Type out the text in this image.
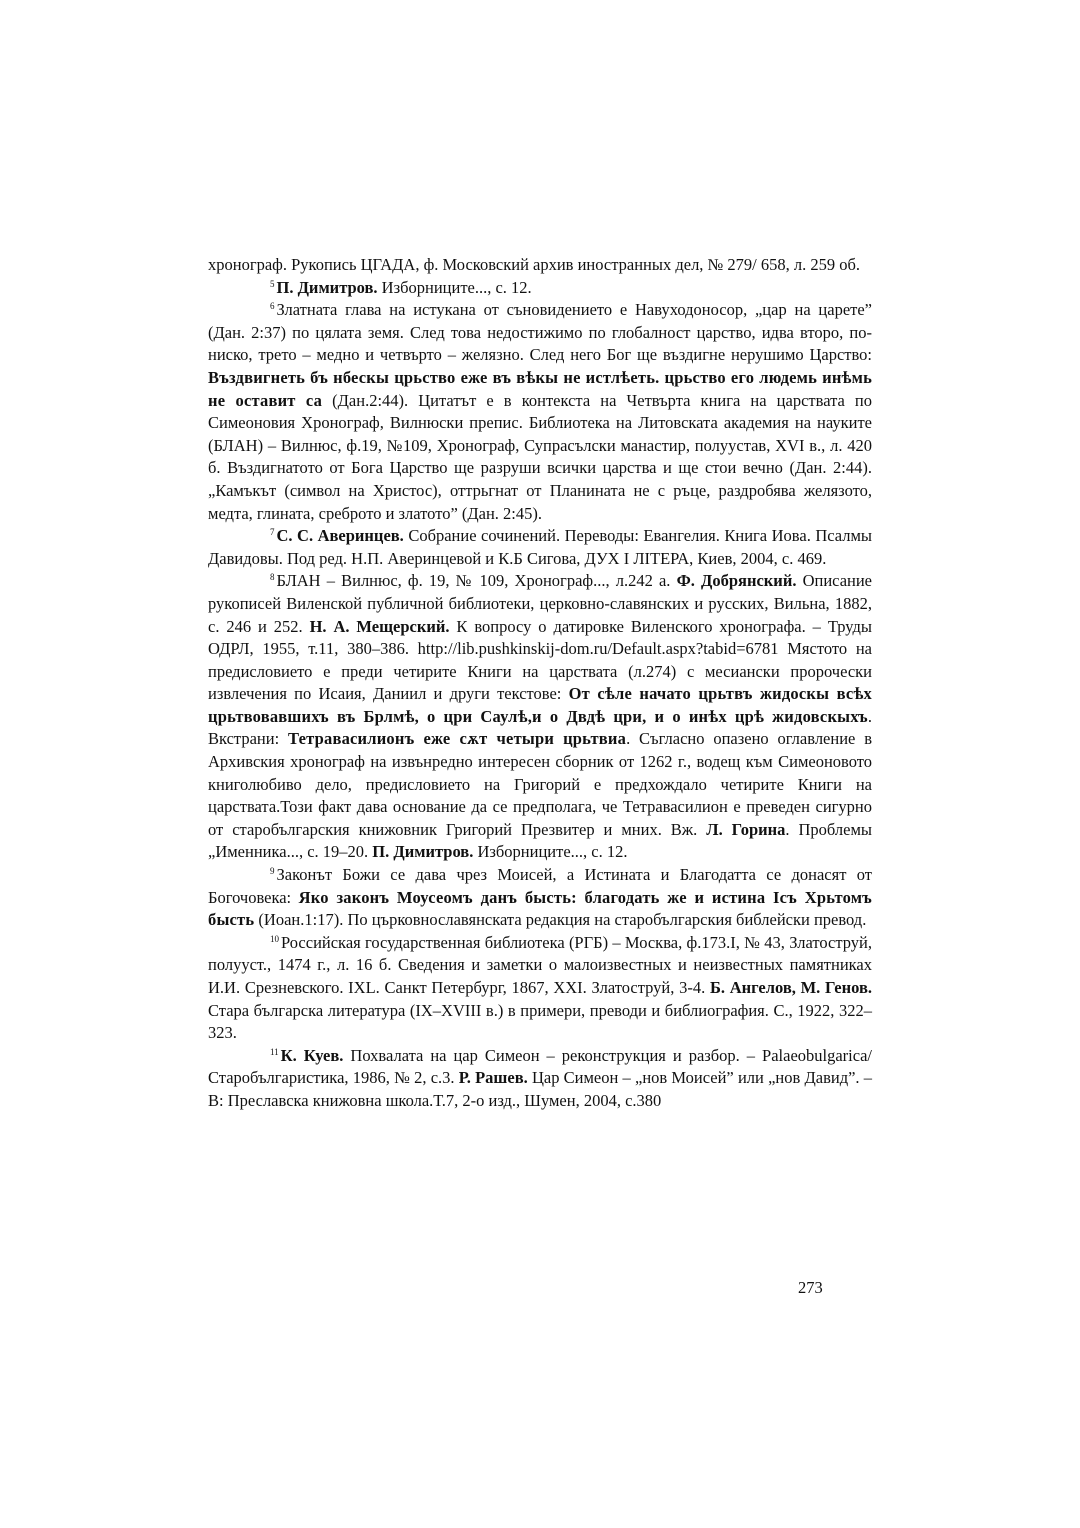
хронограф. Рукопись ЦГАДА, ф. Московский архив иностранных дел, № 279/ 658, л. 259 об.

$^5$ П. Димитров. Изборниците..., с. 12.

$^6$ Златната глава на истукана от съновидението е Навуходоносор, „цар на царете” (Дан. 2:37) по цялата земя. След това недостижимо по глобалност царство, идва второ, по-ниско, трето – медно и четвърто – желязно. След него Бог ще въздигне нерушимо Царство: Въздвигнеть бъ нбескы црьство еже въ вѣкы не истлѣеть. црьство его людемь инѣмь не оставит са (Дан.2:44). Цитатът е в контекста на Четвърта книга на царствата по Симеоновия Хронограф, Вилнюски препис. Библиотека на Литовската академия на науките (БЛАН) – Вилнюс, ф.19, №109, Хронограф, Супрасълски манастир, полуустав, XVI в., л. 420 б. Въздигнатото от Бога Царство ще разруши всички царства и ще стои вечно (Дан. 2:44). „Камъкът (символ на Христос), оттрьгнат от Планината не с ръце, раздробява желязото, медта, глината, среброто и златото” (Дан. 2:45).

$^7$ С. С. Аверинцев. Собрание сочинений. Переводы: Евангелия. Книга Иова. Псалмы Давидовы. Под ред. Н.П. Аверинцевой и К.Б Сигова, ДУХ I ЛIТЕРА, Киев, 2004, с. 469.

$^8$ БЛАН – Вилнюс, ф. 19, № 109, Хронограф..., л.242 а. Ф. Добрянский. Описание рукописей Виленской публичной библиотеки, церковно-славянских и русских, Вильна, 1882, с. 246 и 252. Н. А. Мещерский. К вопросу о датировке Виленского хронографа. – Труды ОДРЛ, 1955, т.11, 380–386. http://lib.pushkinskij-dom.ru/Default.aspx?tabid=6781 Мястото на предисловието е преди четирите Книги на царствата (л.274) с месиански пророчески извлечения по Исаия, Даниил и други текстове: От сѣле начато црьтвъ жидоскы всѣх црьтвовавшихъ въ Брлмѣ, о цри Саулѣ,и о Двдѣ цри, и о инѣх црѣ жидовскыхъ. Вкстрани: Тетравасилионъ еже сѫт четыри црьтвиа. Съгласно опазено оглавление в Архивския хронограф на извънредно интересен сборник от 1262 г., водещ към Симеоновото книголюбиво дело, предисловието на Григорий е предхождало четирите Книги на царствата.Този факт дава основание да се предполага, че Тетравасилион е преведен сигурно от старобългарския книжовник Григорий Презвитер и мних. Вж. Л. Горина. Проблемы „Именника..., с. 19–20. П. Димитров. Изборниците..., с. 12.

$^9$ Законът Божи се дава чрез Моисей, а Истината и Благодатта се донасят от Богочовека: Яко законъ Моусеомъ данъ бысть: благодать же и истина Ісъ Хрьтомъ бысть (Иоан.1:17). По църковнославянската редакция на старобългарския библейски превод.

$^{10}$ Российская государственная библиотека (РГБ) – Москва, ф.173.I, № 43, Златоструй, полууст., 1474 г., л. 16 б. Сведения и заметки о малоизвестных и неизвестных памятниках И.И. Срезневского. IXL. Санкт Петербург, 1867, XXI. Златоструй, 3-4. Б. Ангелов, М. Генов. Стара българска литература (IX–XVIII в.) в примери, преводи и библиография. С., 1922, 322–323.

$^{11}$ К. Куев. Похвалата на цар Симеон – реконструкция и разбор. – Palaeobulgarica/ Старобългаристика, 1986, № 2, с.3. Р. Рашев. Цар Симеон – „нов Моисей” или „нов Давид”. – В: Преславска книжовна школа.Т.7, 2-о изд., Шумен, 2004, с.380

273
